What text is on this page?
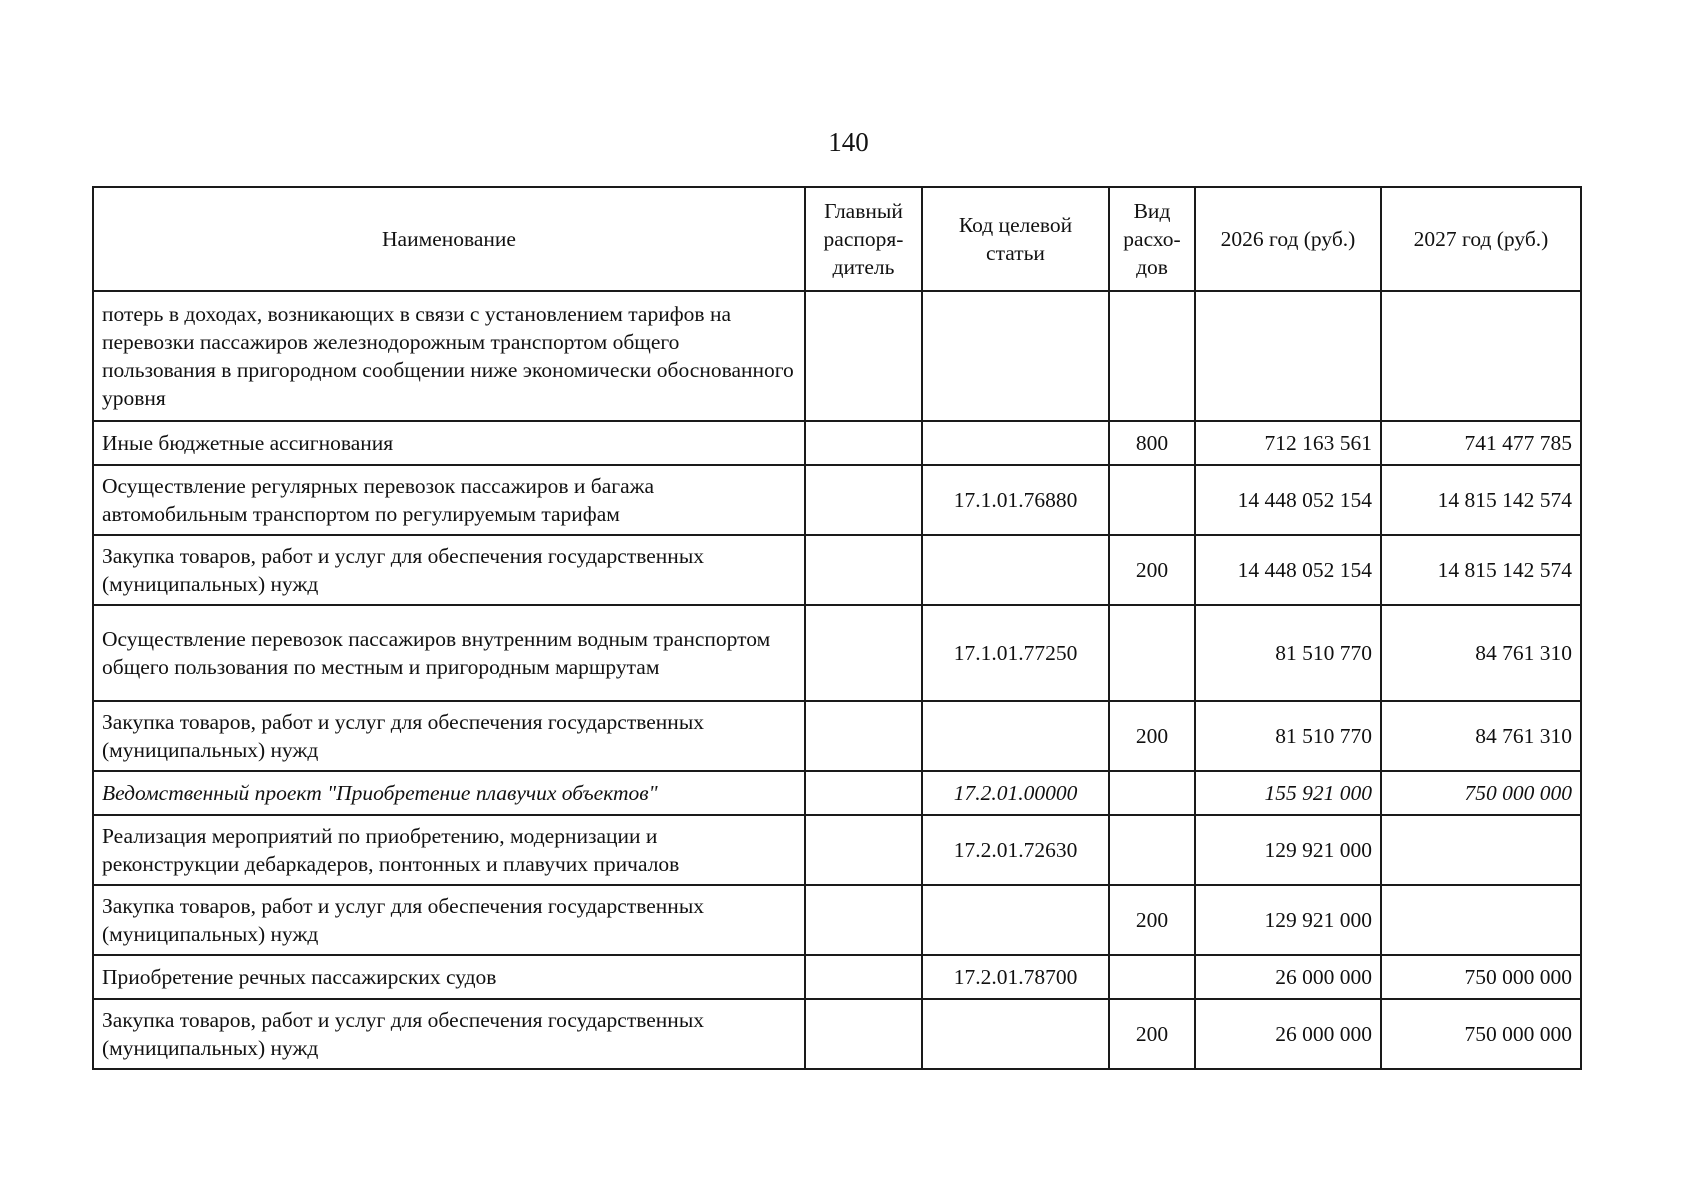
140
Наименование	Главный распоря-дитель	Код целевой статьи	Вид расхо-дов	2026 год (руб.)	2027 год (руб.)
потерь в доходах, возникающих в связи с установлением тарифов на перевозки пассажиров железнодорожным транспортом общего пользования в пригородном сообщении ниже экономически обоснованного уровня					
Иные бюджетные ассигнования			800	712 163 561	741 477 785
Осуществление регулярных перевозок пассажиров и багажа автомобильным транспортом по регулируемым тарифам		17.1.01.76880		14 448 052 154	14 815 142 574
Закупка товаров, работ и услуг для обеспечения государственных (муниципальных) нужд			200	14 448 052 154	14 815 142 574
Осуществление перевозок пассажиров внутренним водным транспортом общего пользования по местным и пригородным маршрутам		17.1.01.77250		81 510 770	84 761 310
Закупка товаров, работ и услуг для обеспечения государственных (муниципальных) нужд			200	81 510 770	84 761 310
Ведомственный проект "Приобретение плавучих объектов"		17.2.01.00000		155 921 000	750 000 000
Реализация мероприятий по приобретению, модернизации и реконструкции дебаркадеров, понтонных и плавучих причалов		17.2.01.72630		129 921 000	
Закупка товаров, работ и услуг для обеспечения государственных (муниципальных) нужд			200	129 921 000	
Приобретение речных пассажирских судов		17.2.01.78700		26 000 000	750 000 000
Закупка товаров, работ и услуг для обеспечения государственных (муниципальных) нужд			200	26 000 000	750 000 000
